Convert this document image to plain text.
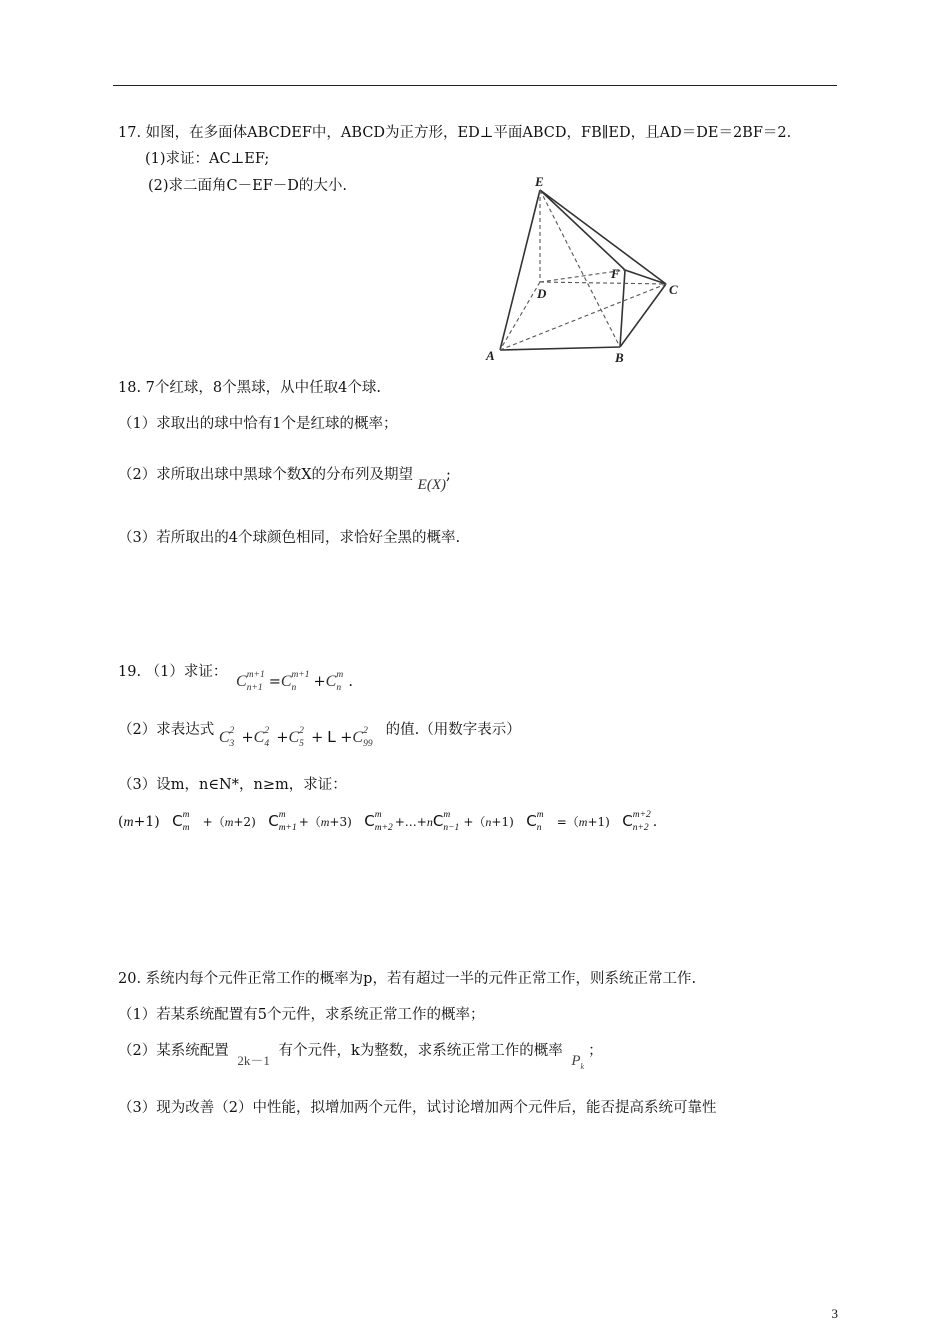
17. 如图，在多面体ABCDEF中，ABCD为正方形，ED⊥平面ABCD，FB∥ED，且AD＝DE＝2BF＝2.
(1)求证：AC⊥EF;
(2)求二面角C－EF－D的大小.	E
F
D	C
A	B
18. 7个红球，8个黑球，从中任取4个球.
（1）求取出的球中恰有1个是红球的概率；
（2）求所取出球中黑球个数X的分布列及期望 E(X);
（3）若所取出的4个球颜色相同，求恰好全黑的概率.
19. （1）求证： C m+1
n+1 =C m+1
n +C m
n .
（2）求表达式 C 2
3 +C 2
4 +C 2
5 + L +C 2
99
的值.（用数字表示）
（3）设m，n∈N*，n≥m，求证：
(m+1) C m
m +（m+2) C m
m+1 +（m+3) C m
m+2 +…+nC m
n−1 +（n+1) C m
n =（m+1) C m+2
n+2 .
20. 系统内每个元件正常工作的概率为p，若有超过一半的元件正常工作，则系统正常工作.
（1）若某系统配置有5个元件，求系统正常工作的概率；
（2）某系统配置 2k－1 有个元件，k为整数，求系统正常工作的概率 $P_k$；
（3）现为改善（2）中性能，拟增加两个元件，试讨论增加两个元件后，能否提高系统可靠性
3
